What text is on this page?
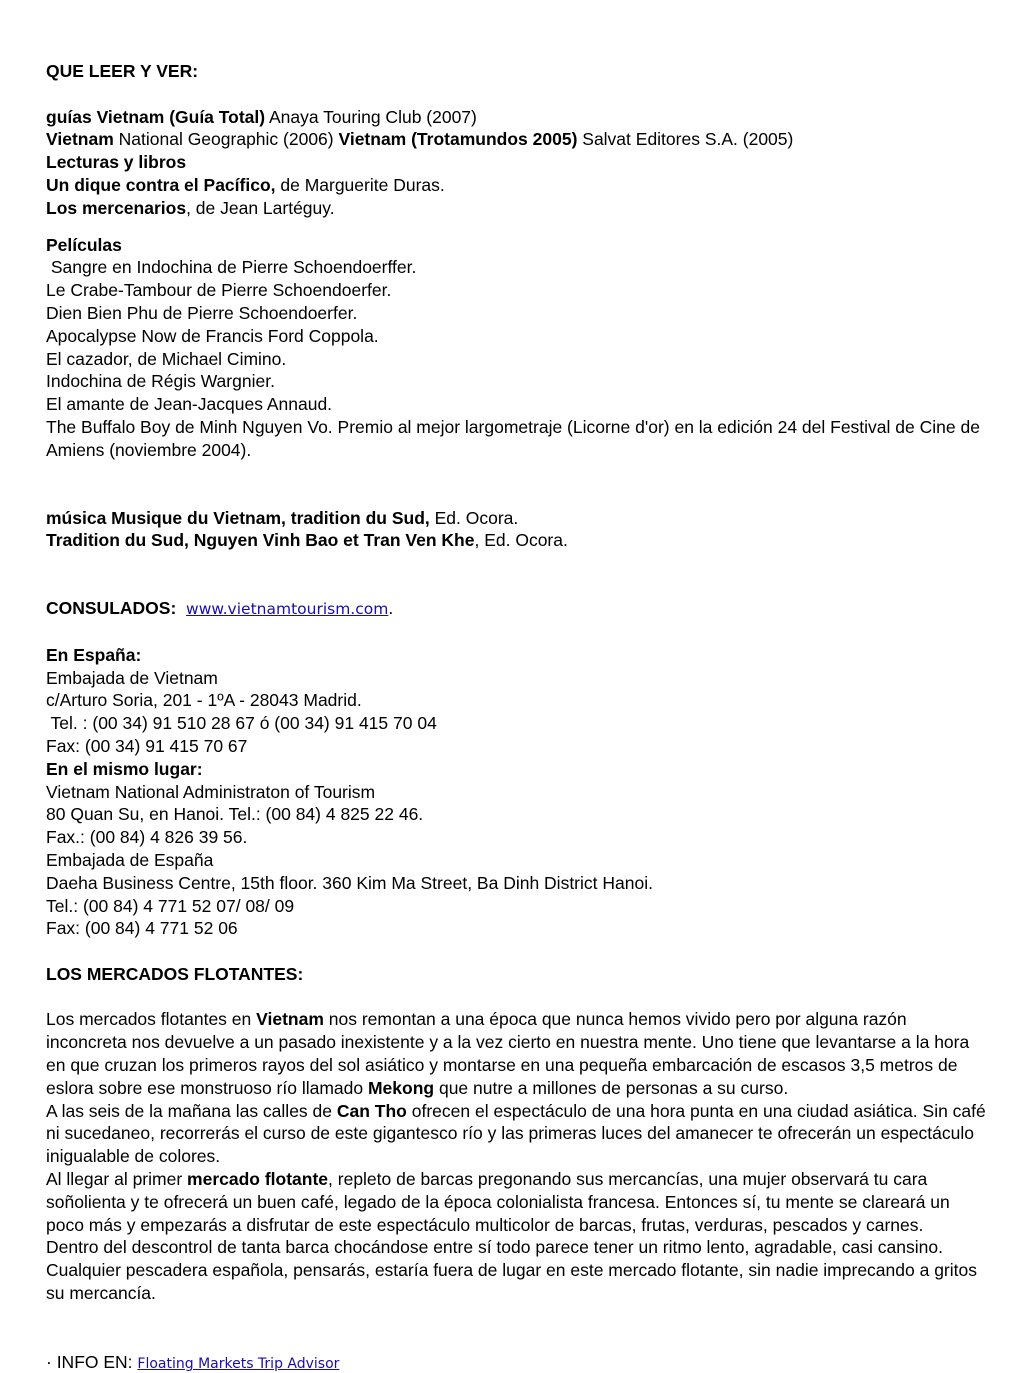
QUE LEER Y VER:

guías Vietnam (Guía Total) Anaya Touring Club (2007)

Vietnam National Geographic (2006) Vietnam (Trotamundos 2005) Salvat Editores S.A. (2005)

Lecturas y libros

Un dique contra el Pacífico, de Marguerite Duras.

Los mercenarios, de Jean Lartéguy.

Películas

Sangre en Indochina de Pierre Schoendoerffer.

Le Crabe-Tambour de Pierre Schoendoerfer.

Dien Bien Phu de Pierre Schoendoerfer.

Apocalypse Now de Francis Ford Coppola.

El cazador, de Michael Cimino.

Indochina de Régis Wargnier.

El amante de Jean-Jacques Annaud.

The Buffalo Boy de Minh Nguyen Vo. Premio al mejor largometraje (Licorne d'or) en la edición 24 del Festival de Cine de Amiens (noviembre 2004).

música Musique du Vietnam, tradition du Sud, Ed. Ocora.

Tradition du Sud, Nguyen Vinh Bao et Tran Ven Khe, Ed. Ocora.

CONSULADOS: www.vietnamtourism.com.

En España:

Embajada de Vietnam

c/Arturo Soria, 201 - 1ºA - 28043 Madrid.

Tel. : (00 34) 91 510 28 67 ó (00 34) 91 415 70 04

Fax: (00 34) 91 415 70 67

En el mismo lugar:

Vietnam National Administraton of Tourism

80 Quan Su, en Hanoi. Tel.: (00 84) 4 825 22 46.

Fax.: (00 84) 4 826 39 56.

Embajada de España

Daeha Business Centre, 15th floor. 360 Kim Ma Street, Ba Dinh District Hanoi.

Tel.: (00 84) 4 771 52 07/ 08/ 09

Fax: (00 84) 4 771 52 06

LOS MERCADOS FLOTANTES:

Los mercados flotantes en Vietnam nos remontan a una época que nunca hemos vivido pero por alguna razón inconcreta nos devuelve a un pasado inexistente y a la vez cierto en nuestra mente. Uno tiene que levantarse a la hora en que cruzan los primeros rayos del sol asiático y montarse en una pequeña embarcación de escasos 3,5 metros de eslora sobre ese monstruoso río llamado Mekong que nutre a millones de personas a su curso.

A las seis de la mañana las calles de Can Tho ofrecen el espectáculo de una hora punta en una ciudad asiática. Sin café ni sucedaneo, recorrerás el curso de este gigantesco río y las primeras luces del amanecer te ofrecerán un espectáculo inigualable de colores.

Al llegar al primer mercado flotante, repleto de barcas pregonando sus mercancías, una mujer observará tu cara soñolienta y te ofrecerá un buen café, legado de la época colonialista francesa. Entonces sí, tu mente se clareará un poco más y empezarás a disfrutar de este espectáculo multicolor de barcas, frutas, verduras, pescados y carnes.

Dentro del descontrol de tanta barca chocándose entre sí todo parece tener un ritmo lento, agradable, casi cansino. Cualquier pescadera española, pensarás, estaría fuera de lugar en este mercado flotante, sin nadie imprecando a gritos su mercancía.

· INFO EN: Floating Markets Trip Advisor
